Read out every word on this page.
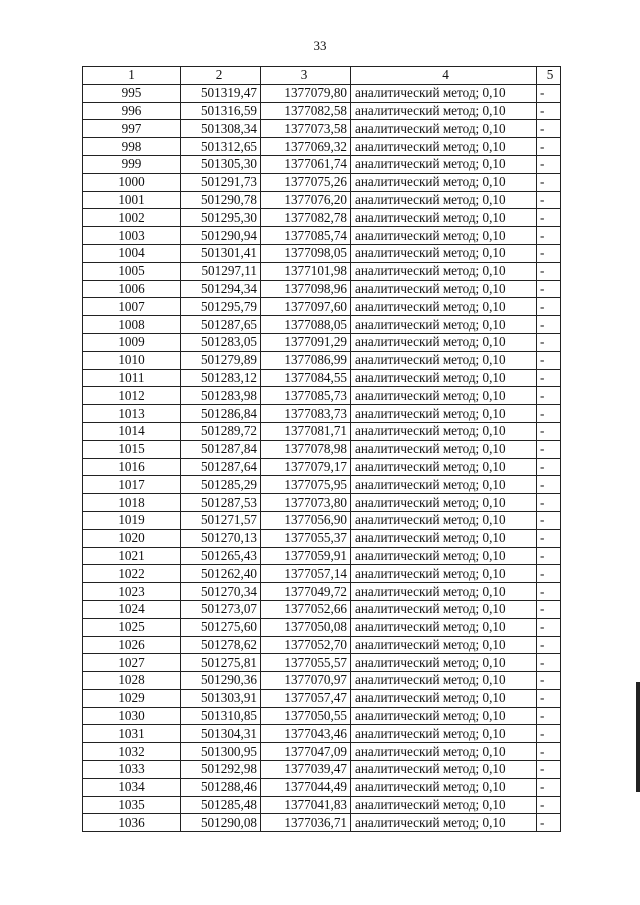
33
1	2	3	4	5
995	501319,47	1377079,80	аналитический метод; 0,10	-
996	501316,59	1377082,58	аналитический метод; 0,10	-
997	501308,34	1377073,58	аналитический метод; 0,10	-
998	501312,65	1377069,32	аналитический метод; 0,10	-
999	501305,30	1377061,74	аналитический метод; 0,10	-
1000	501291,73	1377075,26	аналитический метод; 0,10	-
1001	501290,78	1377076,20	аналитический метод; 0,10	-
1002	501295,30	1377082,78	аналитический метод; 0,10	-
1003	501290,94	1377085,74	аналитический метод; 0,10	-
1004	501301,41	1377098,05	аналитический метод; 0,10	-
1005	501297,11	1377101,98	аналитический метод; 0,10	-
1006	501294,34	1377098,96	аналитический метод; 0,10	-
1007	501295,79	1377097,60	аналитический метод; 0,10	-
1008	501287,65	1377088,05	аналитический метод; 0,10	-
1009	501283,05	1377091,29	аналитический метод; 0,10	-
1010	501279,89	1377086,99	аналитический метод; 0,10	-
1011	501283,12	1377084,55	аналитический метод; 0,10	-
1012	501283,98	1377085,73	аналитический метод; 0,10	-
1013	501286,84	1377083,73	аналитический метод; 0,10	-
1014	501289,72	1377081,71	аналитический метод; 0,10	-
1015	501287,84	1377078,98	аналитический метод; 0,10	-
1016	501287,64	1377079,17	аналитический метод; 0,10	-
1017	501285,29	1377075,95	аналитический метод; 0,10	-
1018	501287,53	1377073,80	аналитический метод; 0,10	-
1019	501271,57	1377056,90	аналитический метод; 0,10	-
1020	501270,13	1377055,37	аналитический метод; 0,10	-
1021	501265,43	1377059,91	аналитический метод; 0,10	-
1022	501262,40	1377057,14	аналитический метод; 0,10	-
1023	501270,34	1377049,72	аналитический метод; 0,10	-
1024	501273,07	1377052,66	аналитический метод; 0,10	-
1025	501275,60	1377050,08	аналитический метод; 0,10	-
1026	501278,62	1377052,70	аналитический метод; 0,10	-
1027	501275,81	1377055,57	аналитический метод; 0,10	-
1028	501290,36	1377070,97	аналитический метод; 0,10	-
1029	501303,91	1377057,47	аналитический метод; 0,10	-
1030	501310,85	1377050,55	аналитический метод; 0,10	-
1031	501304,31	1377043,46	аналитический метод; 0,10	-
1032	501300,95	1377047,09	аналитический метод; 0,10	-
1033	501292,98	1377039,47	аналитический метод; 0,10	-
1034	501288,46	1377044,49	аналитический метод; 0,10	-
1035	501285,48	1377041,83	аналитический метод; 0,10	-
1036	501290,08	1377036,71	аналитический метод; 0,10	-
